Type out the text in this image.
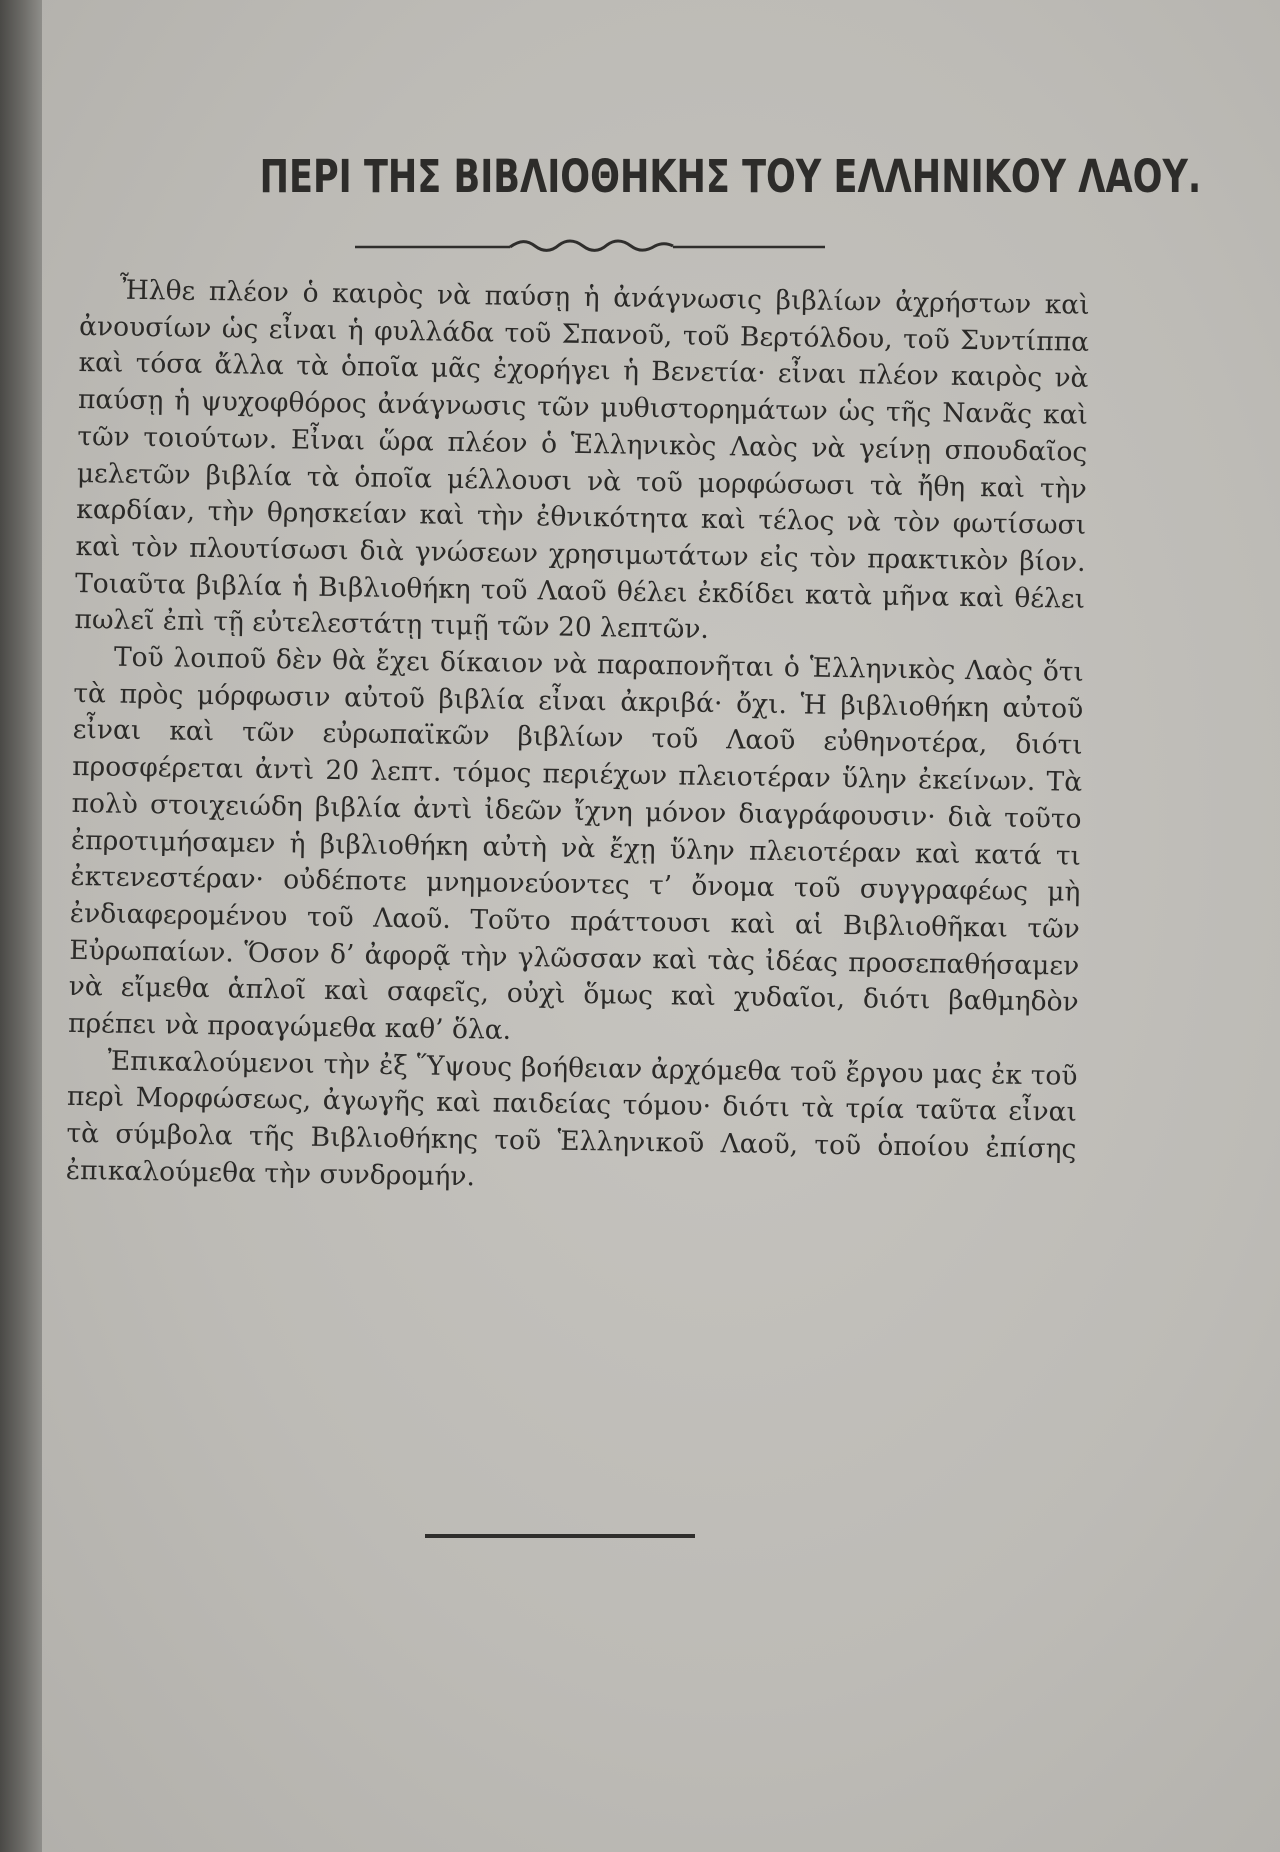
ΠΕΡΙ ΤΗΣ ΒΙΒΛΙΟΘΗΚΗΣ ΤΟΥ ΕΛΛΗΝΙΚΟΥ ΛΑΟΥ.

Ἦλθε πλέον ὁ καιρὸς νὰ παύσῃ ἡ ἀνάγνωσις βιβλίων ἀχρήστων καὶ ἀνουσίων ὡς εἶναι ἡ φυλλάδα τοῦ Σπανοῦ, τοῦ Βερτόλδου, τοῦ Συντίππα καὶ τόσα ἄλλα τὰ ὁποῖα μᾶς ἐχορήγει ἡ Βενετία· εἶναι πλέον καιρὸς νὰ παύσῃ ἡ ψυχοφθόρος ἀνάγνωσις τῶν μυθιστορημάτων ὡς τῆς Νανᾶς καὶ τῶν τοιούτων. Εἶναι ὥρα πλέον ὁ Ἑλληνικὸς Λαὸς νὰ γείνῃ σπουδαῖος μελετῶν βιβλία τὰ ὁποῖα μέλλουσι νὰ τοῦ μορφώσωσι τὰ ἤθη καὶ τὴν καρδίαν, τὴν θρησκείαν καὶ τὴν ἐθνικότητα καὶ τέλος νὰ τὸν φωτίσωσι καὶ τὸν πλουτίσωσι διὰ γνώσεων χρησιμωτάτων εἰς τὸν πρακτικὸν βίον. Τοιαῦτα βιβλία ἡ Βιβλιοθήκη τοῦ Λαοῦ θέλει ἐκδίδει κατὰ μῆνα καὶ θέλει πωλεῖ ἐπὶ τῇ εὐτελεστάτῃ τιμῇ τῶν 20 λεπτῶν.

Τοῦ λοιποῦ δὲν θὰ ἔχει δίκαιον νὰ παραπονῆται ὁ Ἑλληνικὸς Λαὸς ὅτι τὰ πρὸς μόρφωσιν αὐτοῦ βιβλία εἶναι ἀκριβά· ὄχι. Ἡ βιβλιοθήκη αὐτοῦ εἶναι καὶ τῶν εὐρωπαϊκῶν βιβλίων τοῦ Λαοῦ εὐθηνοτέρα, διότι προσφέρεται ἀντὶ 20 λεπτ. τόμος περιέχων πλειοτέραν ὕλην ἐκείνων. Τὰ πολὺ στοιχειώδη βιβλία ἀντὶ ἰδεῶν ἴχνη μόνον διαγράφουσιν· διὰ τοῦτο ἐπροτιμήσαμεν ἡ βιβλιοθήκη αὐτὴ νὰ ἔχῃ ὕλην πλειοτέραν καὶ κατά τι ἐκτενεστέραν· οὐδέποτε μνημονεύοντες τ’ ὄνομα τοῦ συγγραφέως μὴ ἐνδιαφερομένου τοῦ Λαοῦ. Τοῦτο πράττουσι καὶ αἱ Βιβλιοθῆκαι τῶν Εὐρωπαίων. Ὅσον δ’ ἀφορᾷ τὴν γλῶσσαν καὶ τὰς ἰδέας προσεπαθήσαμεν νὰ εἴμεθα ἁπλοῖ καὶ σαφεῖς, οὐχὶ ὅμως καὶ χυδαῖοι, διότι βαθμηδὸν πρέπει νὰ προαγώμεθα καθ’ ὅλα.

Ἐπικαλούμενοι τὴν ἐξ Ὕψους βοήθειαν ἀρχόμεθα τοῦ ἔργου μας ἐκ τοῦ περὶ Μορφώσεως, ἀγωγῆς καὶ παιδείας τόμου· διότι τὰ τρία ταῦτα εἶναι τὰ σύμβολα τῆς Βιβλιοθήκης τοῦ Ἑλληνικοῦ Λαοῦ, τοῦ ὁποίου ἐπίσης ἐπικαλούμεθα τὴν συνδρομήν.
